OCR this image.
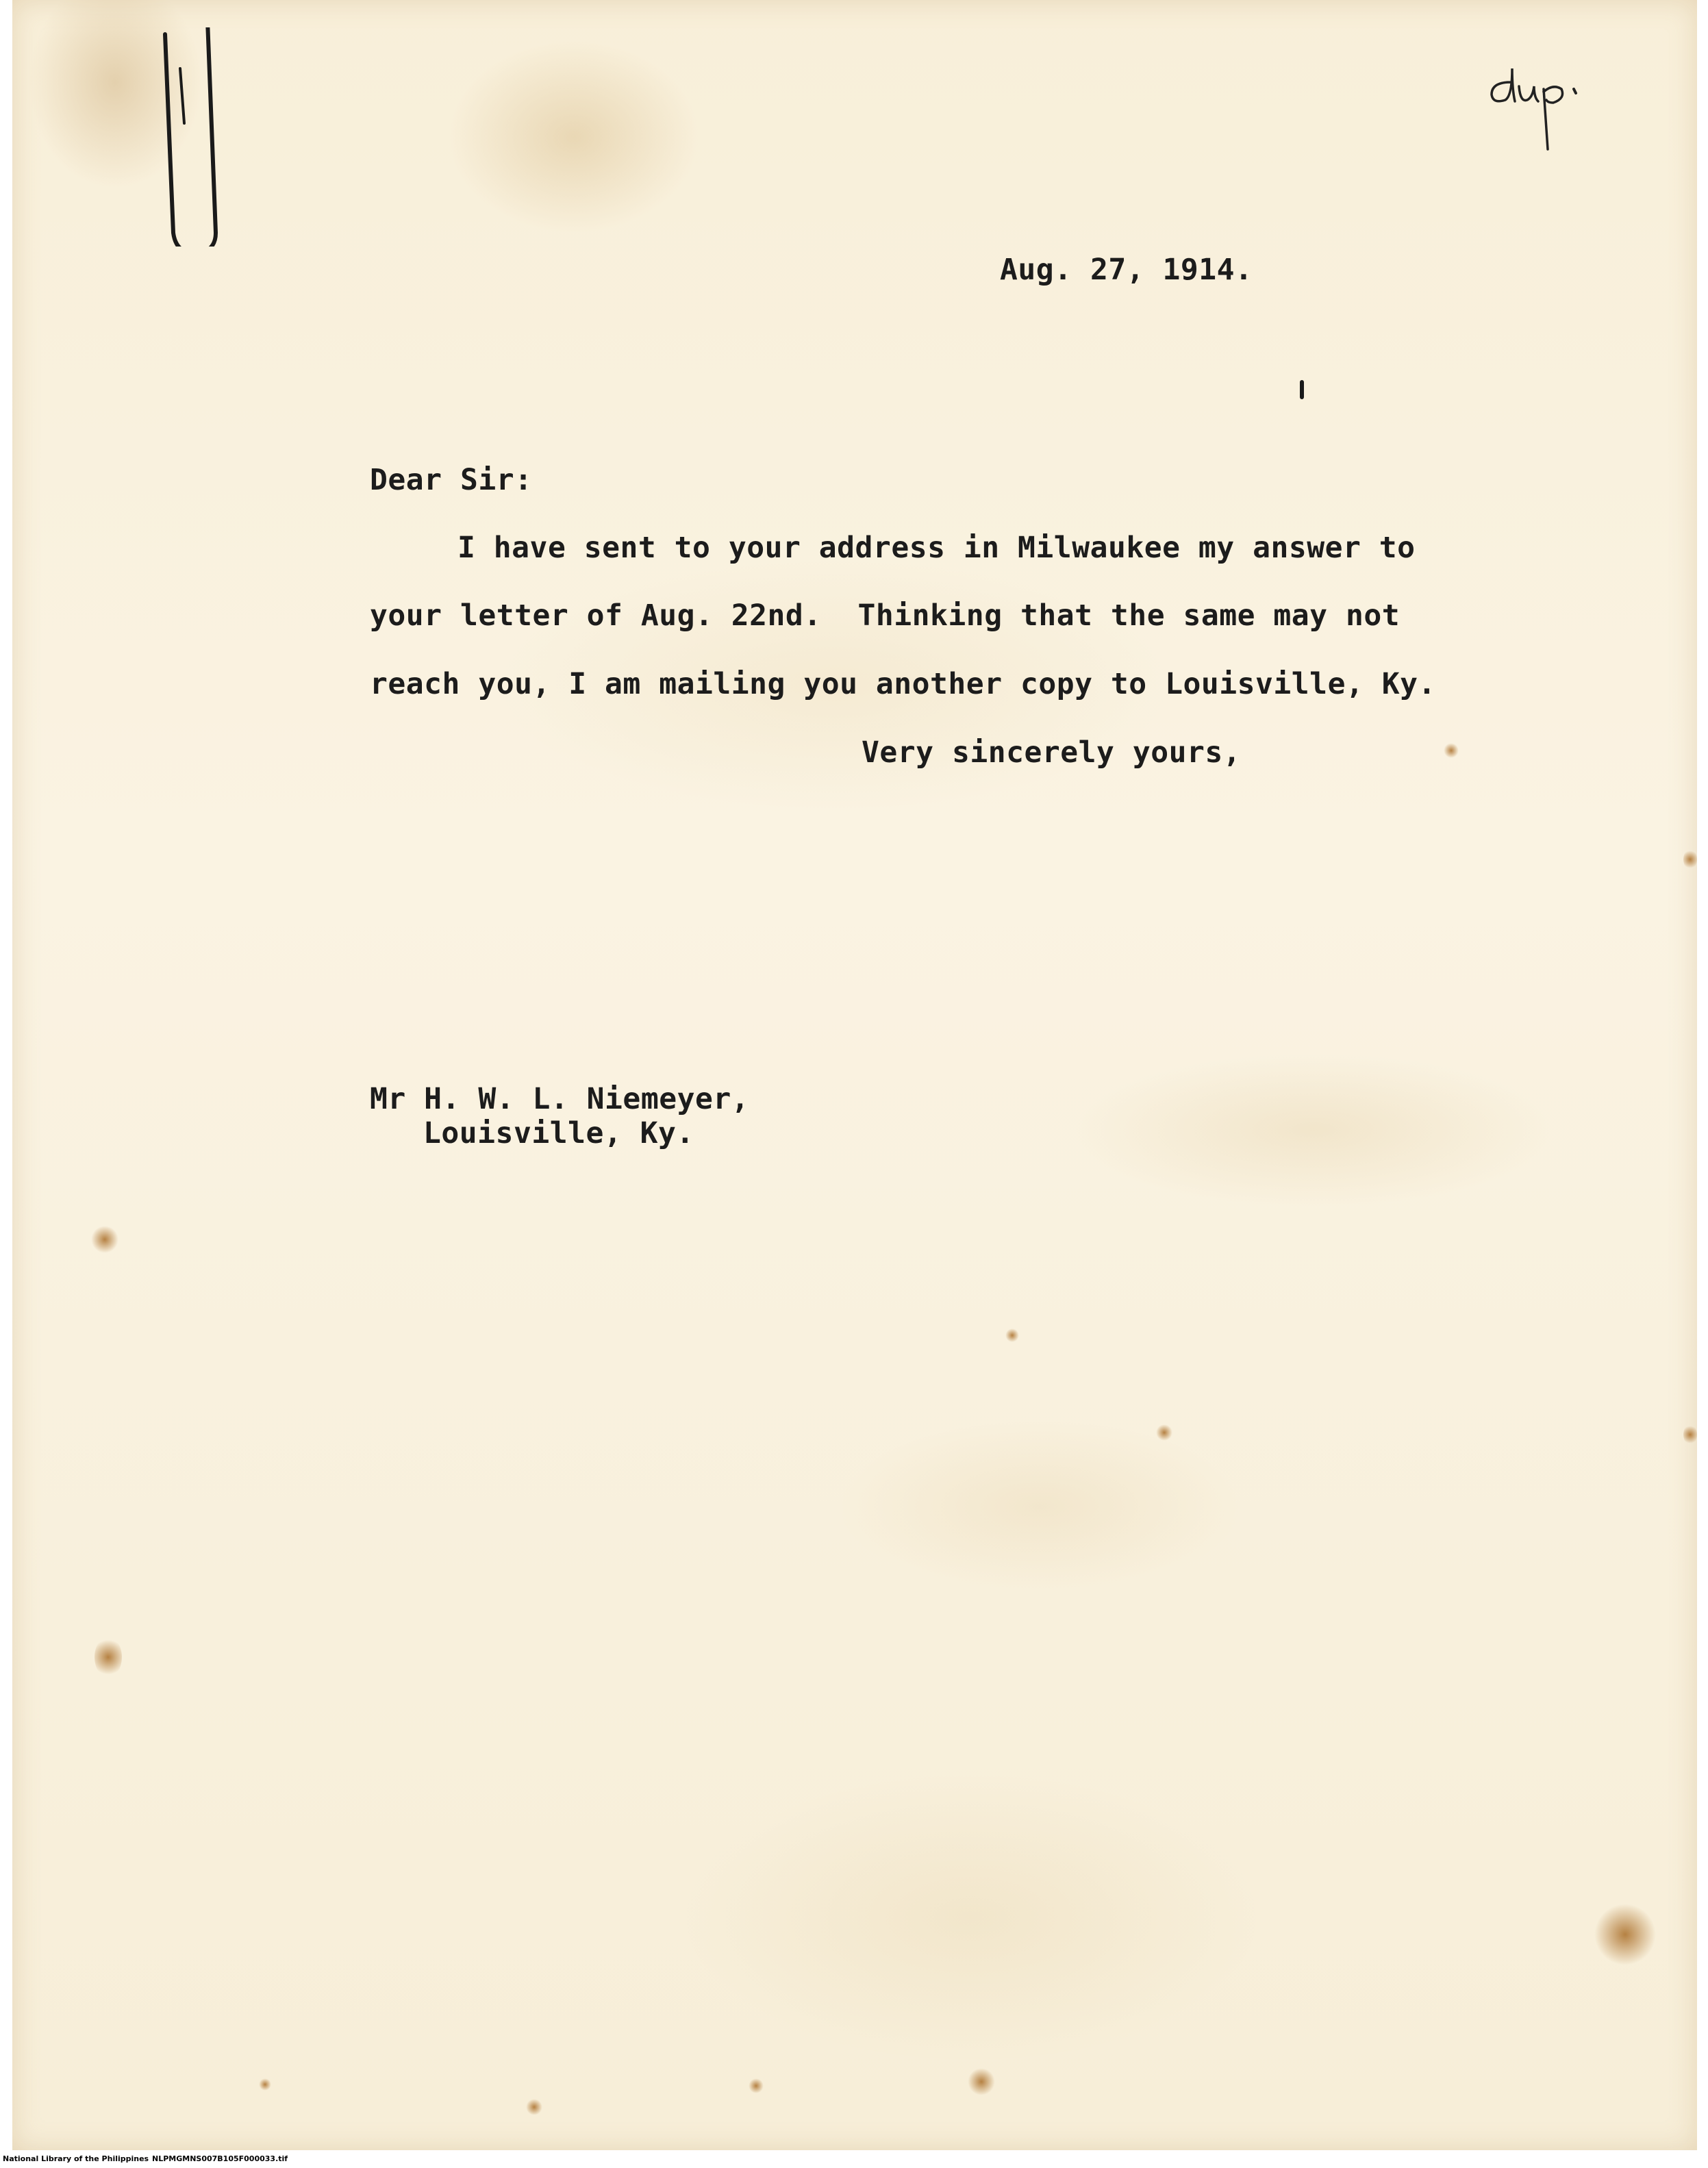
Aug. 27, 1914.
Dear Sir:
I have sent to your address in Milwaukee my answer to
your letter of Aug. 22nd.  Thinking that the same may not
reach you, I am mailing you another copy to Louisville, Ky.
Very sincerely yours,
Mr H. W. L. Niemeyer,
Louisville, Ky.
National Library of the Philippines NLPMGMNS007B105F000033.tif
